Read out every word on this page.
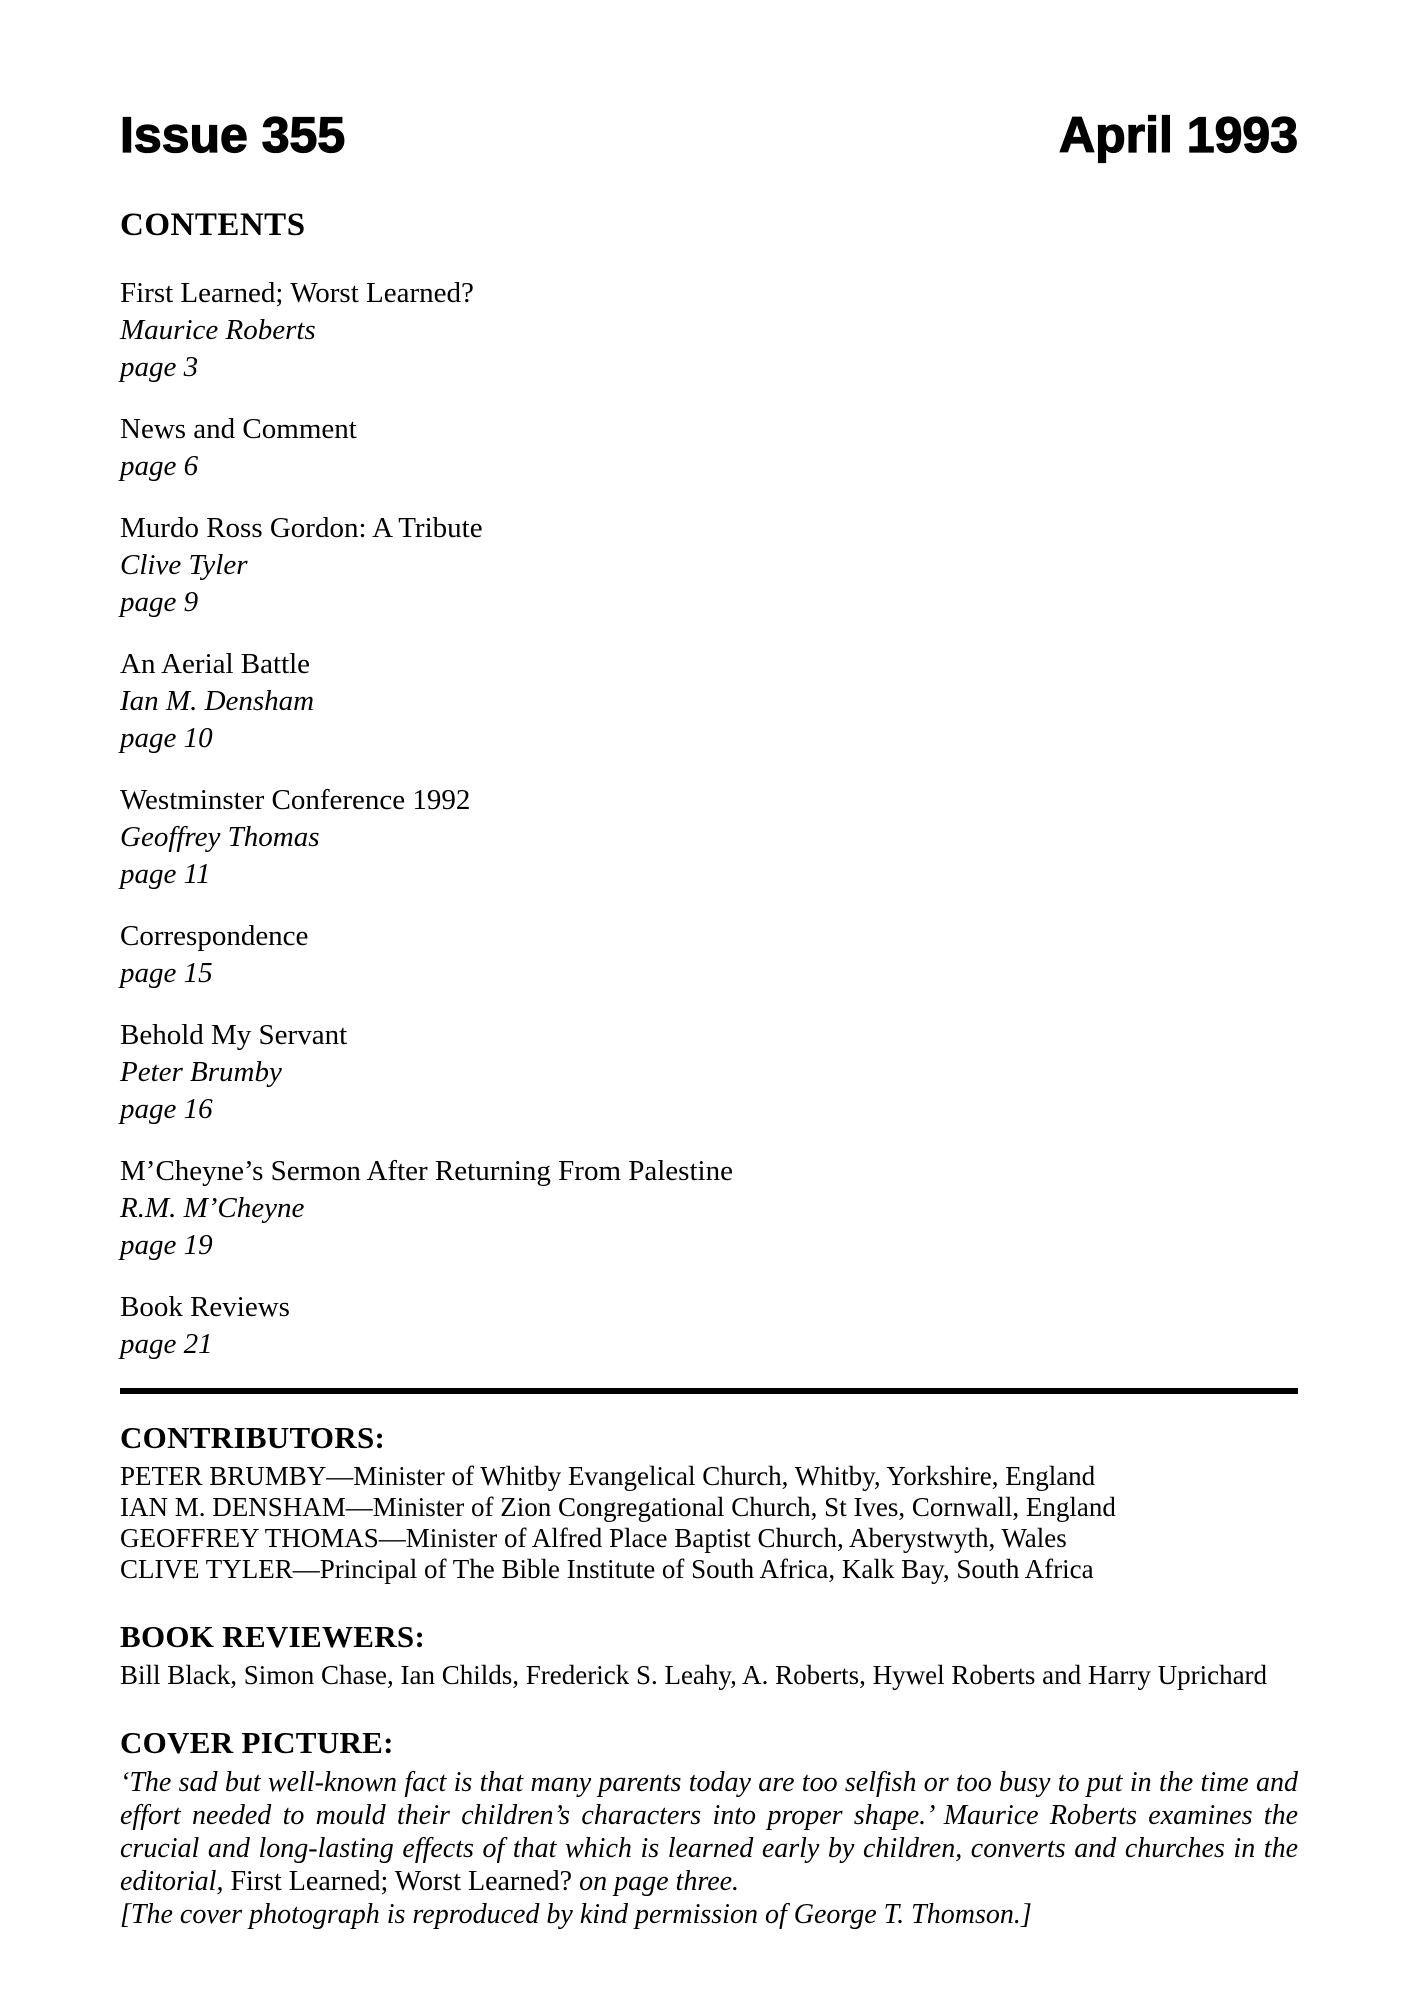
Issue 355	April 1993
CONTENTS
First Learned; Worst Learned?
Maurice Roberts
page 3
News and Comment
page 6
Murdo Ross Gordon: A Tribute
Clive Tyler
page 9
An Aerial Battle
Ian M. Densham
page 10
Westminster Conference 1992
Geoffrey Thomas
page 11
Correspondence
page 15
Behold My Servant
Peter Brumby
page 16
M’Cheyne’s Sermon After Returning From Palestine
R.M. M’Cheyne
page 19
Book Reviews
page 21
CONTRIBUTORS:
PETER BRUMBY—Minister of Whitby Evangelical Church, Whitby, Yorkshire, England
IAN M. DENSHAM—Minister of Zion Congregational Church, St Ives, Cornwall, England
GEOFFREY THOMAS—Minister of Alfred Place Baptist Church, Aberystwyth, Wales
CLIVE TYLER—Principal of The Bible Institute of South Africa, Kalk Bay, South Africa
BOOK REVIEWERS:
Bill Black, Simon Chase, Ian Childs, Frederick S. Leahy, A. Roberts, Hywel Roberts and Harry Uprichard
COVER PICTURE:

‘The sad but well-known fact is that many parents today are too selfish or too busy to put in the time and effort needed to mould their children’s characters into proper shape.’ Maurice Roberts examines the crucial and long-lasting effects of that which is learned early by children, converts and churches in the editorial, First Learned; Worst Learned? on page three.

[The cover photograph is reproduced by kind permission of George T. Thomson.]
